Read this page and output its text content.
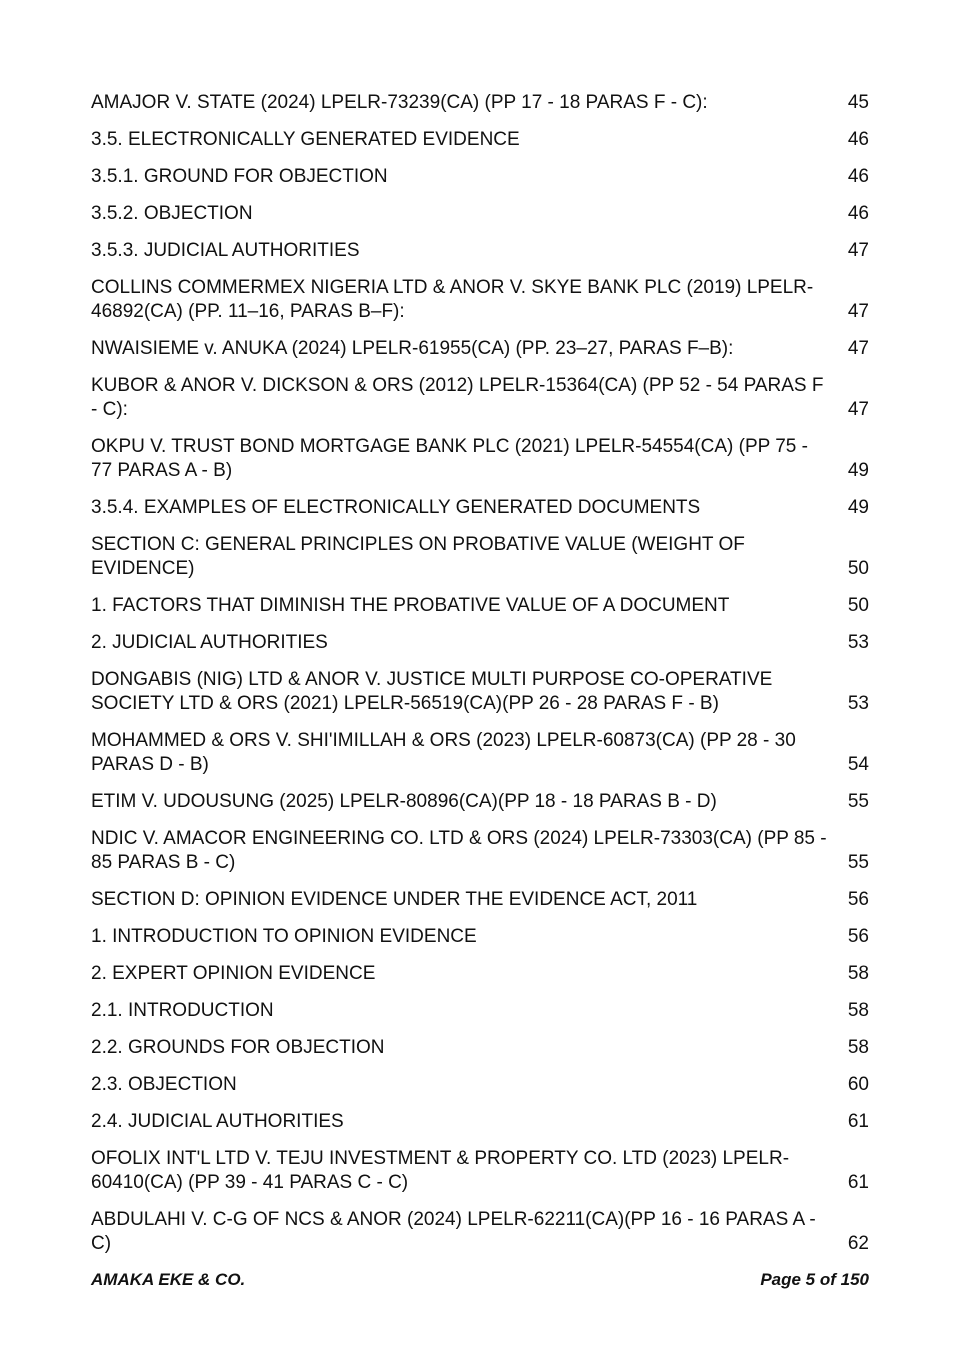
AMAJOR V. STATE (2024) LPELR-73239(CA) (PP 17 - 18 PARAS F - C):	45
3.5. ELECTRONICALLY GENERATED EVIDENCE	46
3.5.1. GROUND FOR OBJECTION	46
3.5.2. OBJECTION	46
3.5.3. JUDICIAL AUTHORITIES	47
COLLINS COMMERMEX NIGERIA LTD & ANOR V. SKYE BANK PLC (2019) LPELR-46892(CA) (PP. 11–16, PARAS B–F):	47
NWAISIEME v. ANUKA (2024) LPELR-61955(CA) (PP. 23–27, PARAS F–B):	47
KUBOR & ANOR V. DICKSON & ORS (2012) LPELR-15364(CA) (PP 52 - 54 PARAS F - C):	47
OKPU V. TRUST BOND MORTGAGE BANK PLC (2021) LPELR-54554(CA) (PP 75 - 77 PARAS A - B)	49
3.5.4. EXAMPLES OF ELECTRONICALLY GENERATED DOCUMENTS	49
SECTION C: GENERAL PRINCIPLES ON PROBATIVE VALUE (WEIGHT OF EVIDENCE)	50
1. FACTORS THAT DIMINISH THE PROBATIVE VALUE OF A DOCUMENT	50
2. JUDICIAL AUTHORITIES	53
DONGABIS (NIG) LTD & ANOR V. JUSTICE MULTI PURPOSE CO-OPERATIVE SOCIETY LTD & ORS (2021) LPELR-56519(CA)(PP 26 - 28 PARAS F - B)	53
MOHAMMED & ORS V. SHI'IMILLAH & ORS (2023) LPELR-60873(CA) (PP 28 - 30 PARAS D - B)	54
ETIM V. UDOUSUNG (2025) LPELR-80896(CA)(PP 18 - 18 PARAS B - D)	55
NDIC V. AMACOR ENGINEERING CO. LTD & ORS (2024) LPELR-73303(CA) (PP 85 - 85 PARAS B - C)	55
SECTION D: OPINION EVIDENCE UNDER THE EVIDENCE ACT, 2011	56
1. INTRODUCTION TO OPINION EVIDENCE	56
2. EXPERT OPINION EVIDENCE	58
2.1. INTRODUCTION	58
2.2. GROUNDS FOR OBJECTION	58
2.3. OBJECTION	60
2.4. JUDICIAL AUTHORITIES	61
OFOLIX INT'L LTD V. TEJU INVESTMENT & PROPERTY CO. LTD (2023) LPELR-60410(CA) (PP 39 - 41 PARAS C - C)	61
ABDULAHI V. C-G OF NCS & ANOR (2024) LPELR-62211(CA)(PP 16 - 16 PARAS A - C)	62
AMAKA EKE & CO.	Page 5 of 150
